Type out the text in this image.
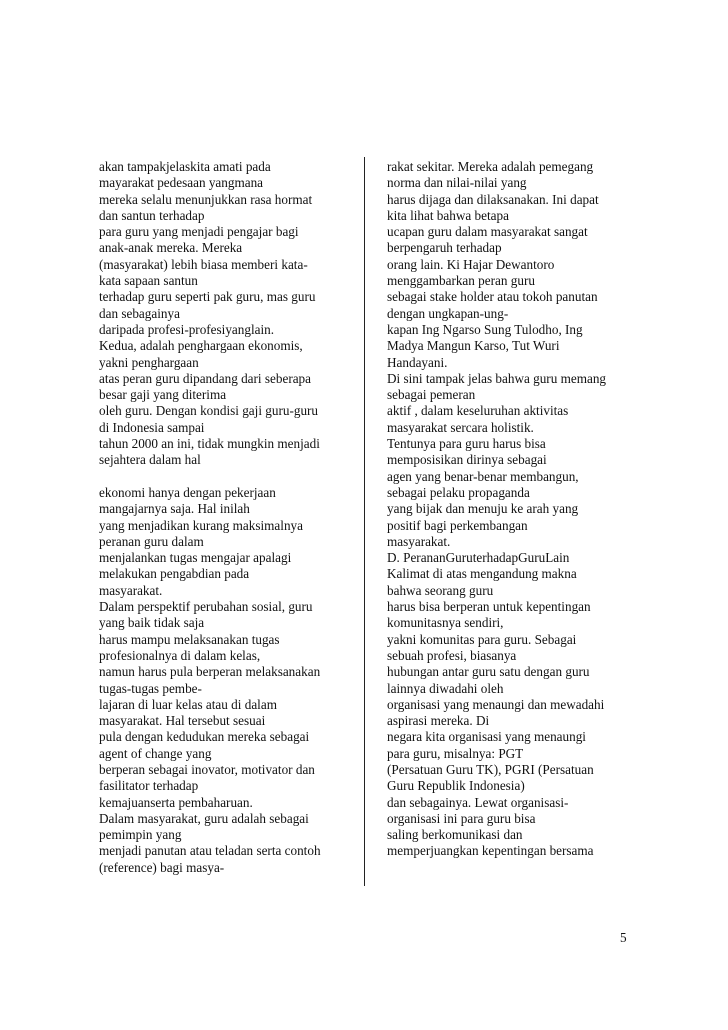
akan tampakjelaskita amati pada
mayarakat pedesaan yangmana
mereka selalu menunjukkan rasa hormat
dan santun terhadap
para guru yang menjadi pengajar bagi
anak-anak mereka. Mereka
(masyarakat) lebih biasa memberi kata-
kata sapaan santun
terhadap guru seperti pak guru, mas guru
dan sebagainya
daripada profesi-profesiyanglain.
Kedua, adalah penghargaan ekonomis,
yakni penghargaan
atas peran guru dipandang dari seberapa
besar gaji yang diterima
oleh guru. Dengan kondisi gaji guru-guru
di Indonesia sampai
tahun 2000 an ini, tidak mungkin menjadi
sejahtera dalam hal
ekonomi hanya dengan pekerjaan
mangajarnya saja. Hal inilah
yang menjadikan kurang maksimalnya
peranan guru dalam
menjalankan tugas mengajar apalagi
melakukan pengabdian pada
masyarakat.
Dalam perspektif perubahan sosial, guru
yang baik tidak saja
harus mampu melaksanakan tugas
profesionalnya di dalam kelas,
namun harus pula berperan melaksanakan
tugas-tugas pembe-
lajaran di luar kelas atau di dalam
masyarakat. Hal tersebut sesuai
pula dengan kedudukan mereka sebagai
agent of change yang
berperan sebagai inovator, motivator dan
fasilitator terhadap
kemajuanserta pembaharuan.
Dalam masyarakat, guru adalah sebagai
pemimpin yang
menjadi panutan atau teladan serta contoh
(reference) bagi masya-
rakat sekitar. Mereka adalah pemegang
norma dan nilai-nilai yang
harus dijaga dan dilaksanakan. Ini dapat
kita lihat bahwa betapa
ucapan guru dalam masyarakat sangat
berpengaruh terhadap
orang lain. Ki Hajar Dewantoro
menggambarkan peran guru
sebagai stake holder atau tokoh panutan
dengan ungkapan-ung-
kapan Ing Ngarso Sung Tulodho, Ing
Madya Mangun Karso, Tut Wuri
Handayani.
Di sini tampak jelas bahwa guru memang
sebagai pemeran
aktif , dalam keseluruhan aktivitas
masyarakat sercara holistik.
Tentunya para guru harus bisa
memposisikan dirinya sebagai
agen yang benar-benar membangun,
sebagai pelaku propaganda
yang bijak dan menuju ke arah yang
positif bagi perkembangan
masyarakat.
D. PerananGuruterhadapGuruLain
Kalimat di atas mengandung makna
bahwa seorang guru
harus bisa berperan untuk kepentingan
komunitasnya sendiri,
yakni komunitas para guru. Sebagai
sebuah profesi, biasanya
hubungan antar guru satu dengan guru
lainnya diwadahi oleh
organisasi yang menaungi dan mewadahi
aspirasi mereka. Di
negara kita organisasi yang menaungi
para guru, misalnya: PGT
(Persatuan Guru TK), PGRI (Persatuan
Guru Republik Indonesia)
dan sebagainya. Lewat organisasi-
organisasi ini para guru bisa
saling berkomunikasi dan
memperjuangkan kepentingan bersama
5
